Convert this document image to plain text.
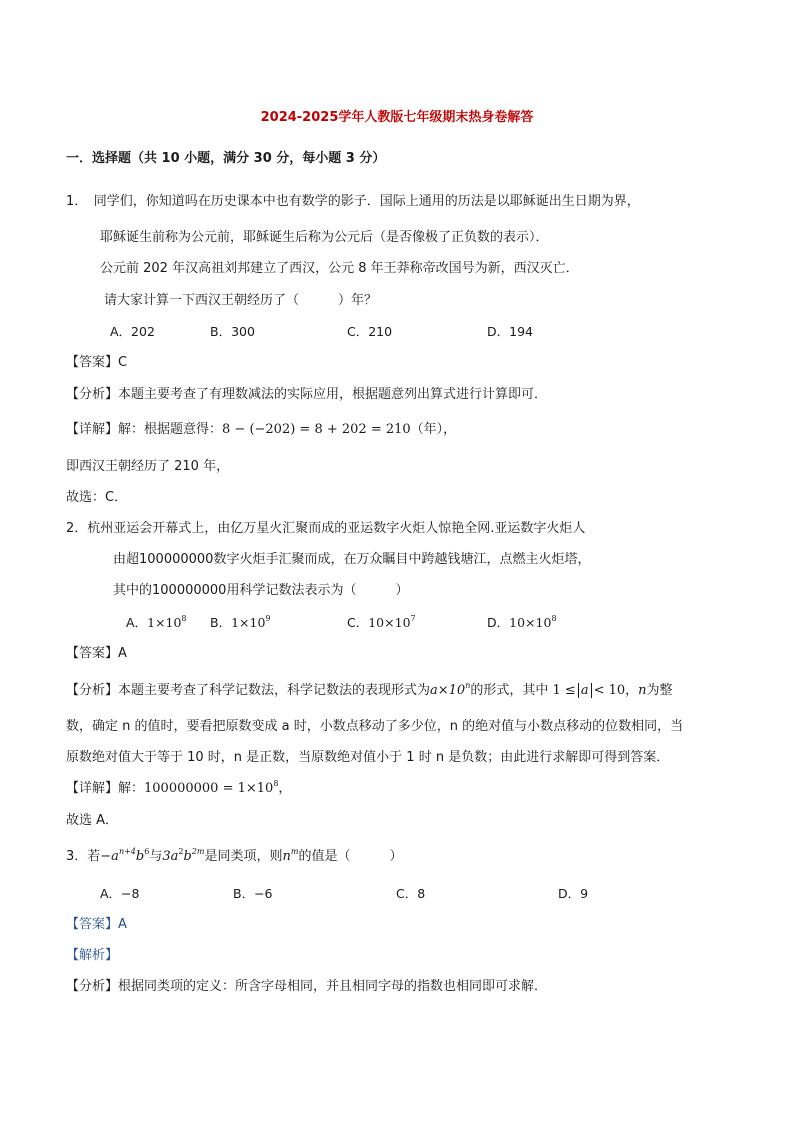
2024-2025学年人教版七年级期末热身卷解答
一．选择题（共 10 小题，满分 30 分，每小题 3 分）
1．　同学们，你知道吗在历史课本中也有数学的影子．国际上通用的历法是以耶稣诞出生日期为界，
耶稣诞生前称为公元前，耶稣诞生后称为公元后（是否像极了正负数的表示）．
公元前 202 年汉高祖刘邦建立了西汉，公元 8 年王莽称帝改国号为新，西汉灭亡．
请大家计算一下西汉王朝经历了（　　　）年？
A．202	B．300	C．210	D．194
【答案】C
【分析】本题主要考查了有理数减法的实际应用，根据题意列出算式进行计算即可．
【详解】解：根据题意得：8 − (−202) = 8 + 202 = 210（年），
即西汉王朝经历了 210 年，
故选：C．
2．杭州亚运会开幕式上，由亿万星火汇聚而成的亚运数字火炬人惊艳全网.亚运数字火炬人
由超100000000数字火炬手汇聚而成，在万众瞩目中跨越钱塘江，点燃主火炬塔，
其中的100000000用科学记数法表示为（　　　）
A．$1\times 10^8$ B．$1\times 10^9$	C．$10\times 10^7$	D．$10\times 10^8$
【答案】A
【分析】本题主要考查了科学记数法，科学记数法的表现形式为$a\times 10^n$的形式，其中 1 ≤ a < 10，n为整
数，确定 n 的值时，要看把原数变成 a 时，小数点移动了多少位，n 的绝对值与小数点移动的位数相同，当
原数绝对值大于等于 10 时，n 是正数，当原数绝对值小于 1 时 n 是负数；由此进行求解即可得到答案．
【详解】解：$100000000 = 1\times 10^8$，
故选 A．
3．若$-a^{n+4}b^6$与$3a^2b^{2m}$是同类项，则$n^m$的值是（　　　）
A．−8	B．−6	C．8	D．9
【答案】A
【解析】
【分析】根据同类项的定义：所含字母相同，并且相同字母的指数也相同即可求解．
